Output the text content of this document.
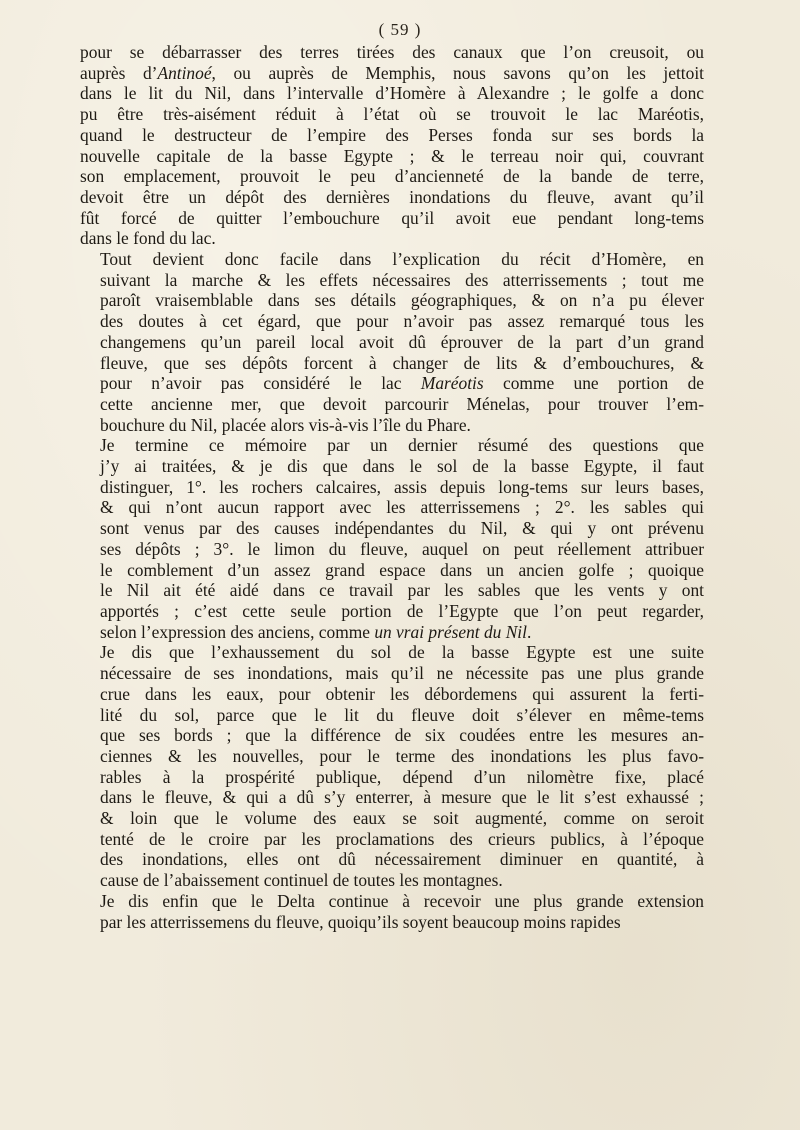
( 59 )

pour se débarrasser des terres tirées des canaux que l’on creusoit, ou
auprès d’Antinoé, ou auprès de Memphis, nous savons qu’on les jettoit
dans le lit du Nil, dans l’intervalle d’Homère à Alexandre ; le golfe a donc
pu être très-aisément réduit à l’état où se trouvoit le lac Maréotis,
quand le destructeur de l’empire des Perses fonda sur ses bords la
nouvelle capitale de la basse Egypte ; & le terreau noir qui, couvrant
son emplacement, prouvoit le peu d’ancienneté de la bande de terre,
devoit être un dépôt des dernières inondations du fleuve, avant qu’il
fût forcé de quitter l’embouchure qu’il avoit eue pendant long-tems
dans le fond du lac.

Tout devient donc facile dans l’explication du récit d’Homère, en
suivant la marche & les effets nécessaires des atterrissements ; tout me
paroît vraisemblable dans ses détails géographiques, & on n’a pu élever
des doutes à cet égard, que pour n’avoir pas assez remarqué tous les
changemens qu’un pareil local avoit dû éprouver de la part d’un grand
fleuve, que ses dépôts forcent à changer de lits & d’embouchures, &
pour n’avoir pas considéré le lac Maréotis comme une portion de
cette ancienne mer, que devoit parcourir Ménelas, pour trouver l’em-
bouchure du Nil, placée alors vis-à-vis l’île du Phare.

Je termine ce mémoire par un dernier résumé des questions que
j’y ai traitées, & je dis que dans le sol de la basse Egypte, il faut
distinguer, 1°. les rochers calcaires, assis depuis long-tems sur leurs bases,
& qui n’ont aucun rapport avec les atterrissemens ; 2°. les sables qui
sont venus par des causes indépendantes du Nil, & qui y ont prévenu
ses dépôts ; 3°. le limon du fleuve, auquel on peut réellement attribuer
le comblement d’un assez grand espace dans un ancien golfe ; quoique
le Nil ait été aidé dans ce travail par les sables que les vents y ont
apportés ; c’est cette seule portion de l’Egypte que l’on peut regarder,
selon l’expression des anciens, comme un vrai présent du Nil.

Je dis que l’exhaussement du sol de la basse Egypte est une suite
nécessaire de ses inondations, mais qu’il ne nécessite pas une plus grande
crue dans les eaux, pour obtenir les débordemens qui assurent la ferti-
lité du sol, parce que le lit du fleuve doit s’élever en même-tems
que ses bords ; que la différence de six coudées entre les mesures an-
ciennes & les nouvelles, pour le terme des inondations les plus favo-
rables à la prospérité publique, dépend d’un nilomètre fixe, placé
dans le fleuve, & qui a dû s’y enterrer, à mesure que le lit s’est exhaussé ;
& loin que le volume des eaux se soit augmenté, comme on seroit
tenté de le croire par les proclamations des crieurs publics, à l’époque
des inondations, elles ont dû nécessairement diminuer en quantité, à
cause de l’abaissement continuel de toutes les montagnes.

Je dis enfin que le Delta continue à recevoir une plus grande extension
par les atterrissemens du fleuve, quoiqu’ils soyent beaucoup moins rapides
